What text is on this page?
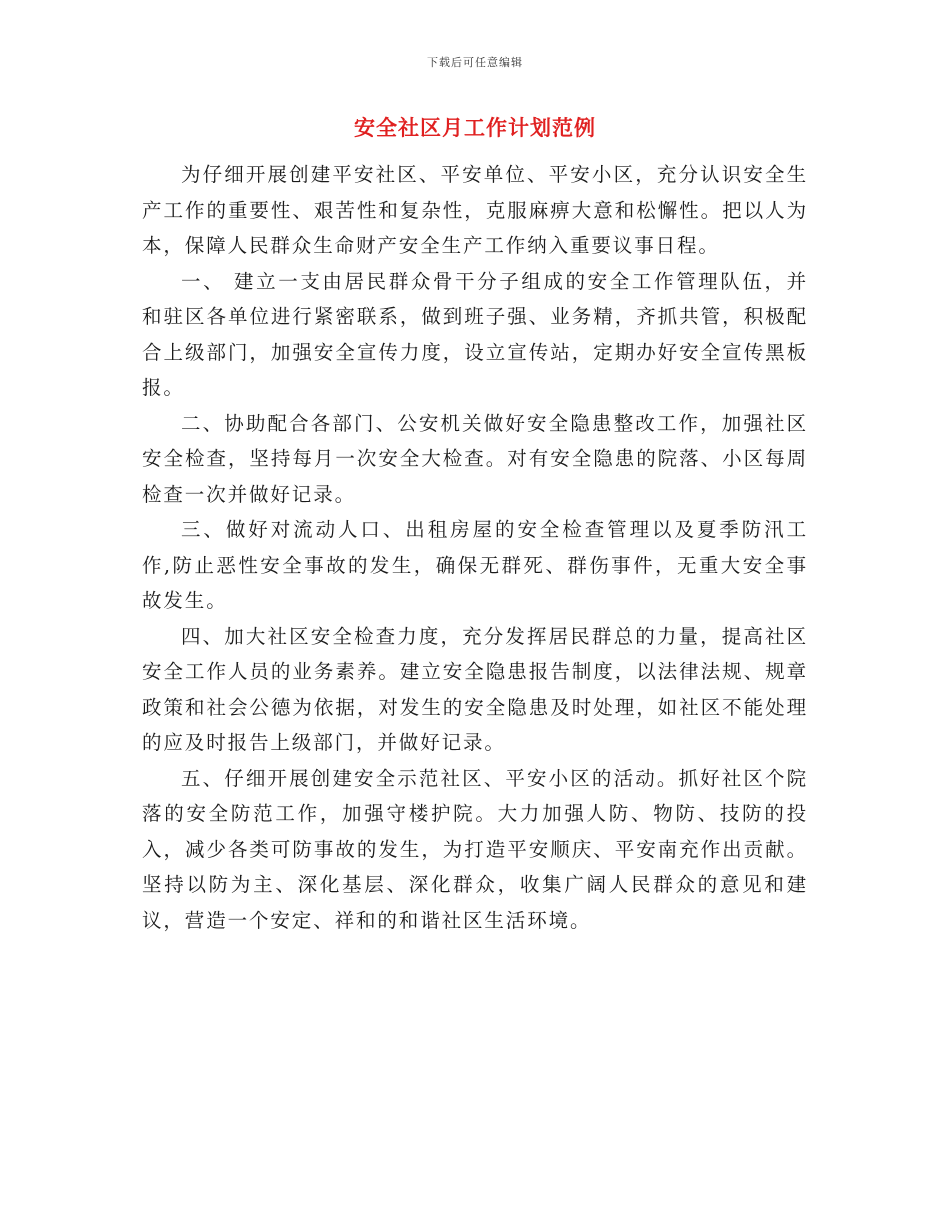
下载后可任意编辑
安全社区月工作计划范例

为仔细开展创建平安社区、平安单位、平安小区，充分认识安全生产工作的重要性、艰苦性和复杂性，克服麻痹大意和松懈性。把以人为本，保障人民群众生命财产安全生产工作纳入重要议事日程。

一、 建立一支由居民群众骨干分子组成的安全工作管理队伍，并和驻区各单位进行紧密联系，做到班子强、业务精，齐抓共管，积极配合上级部门，加强安全宣传力度，设立宣传站，定期办好安全宣传黑板报。

二、协助配合各部门、公安机关做好安全隐患整改工作，加强社区安全检查，坚持每月一次安全大检查。对有安全隐患的院落、小区每周检查一次并做好记录。

三、做好对流动人口、出租房屋的安全检查管理以及夏季防汛工作,防止恶性安全事故的发生，确保无群死、群伤事件，无重大安全事故发生。

四、加大社区安全检查力度，充分发挥居民群总的力量，提高社区安全工作人员的业务素养。建立安全隐患报告制度，以法律法规、规章政策和社会公德为依据，对发生的安全隐患及时处理，如社区不能处理的应及时报告上级部门，并做好记录。

五、仔细开展创建安全示范社区、平安小区的活动。抓好社区个院落的安全防范工作，加强守楼护院。大力加强人防、物防、技防的投入，减少各类可防事故的发生，为打造平安顺庆、平安南充作出贡献。坚持以防为主、深化基层、深化群众，收集广阔人民群众的意见和建议，营造一个安定、祥和的和谐社区生活环境。
